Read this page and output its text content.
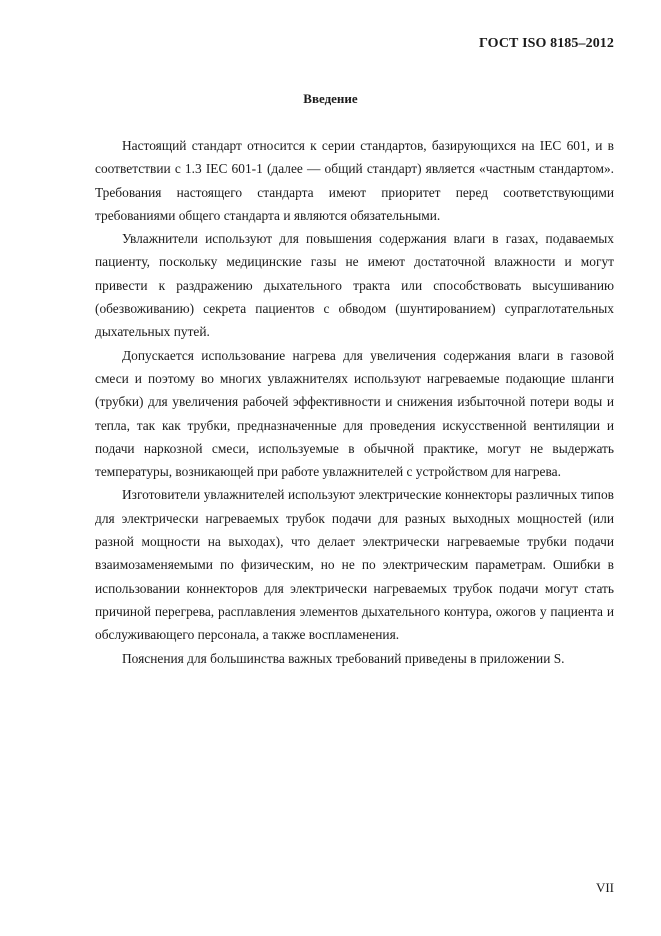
ГОСТ ISO 8185–2012
Введение

Настоящий стандарт относится к серии стандартов, базирующихся на IEC 601, и в соответствии с 1.3 IEC 601-1 (далее — общий стандарт) является «частным стандартом». Требования настоящего стандарта имеют приоритет перед соответствующими требованиями общего стандарта и являются обязательными.

Увлажнители используют для повышения содержания влаги в газах, подаваемых пациенту, поскольку медицинские газы не имеют достаточной влажности и могут привести к раздражению дыхательного тракта или способствовать высушиванию (обезвоживанию) секрета пациентов с обводом (шунтированием) супраглотательных дыхательных путей.

Допускается использование нагрева для увеличения содержания влаги в газовой смеси и поэтому во многих увлажнителях используют нагреваемые подающие шланги (трубки) для увеличения рабочей эффективности и снижения избыточной потери воды и тепла, так как трубки, предназначенные для проведения искусственной вентиляции и подачи наркозной смеси, используемые в обычной практике, могут не выдержать температуры, возникающей при работе увлажнителей с устройством для нагрева.

Изготовители увлажнителей используют электрические коннекторы различных типов для электрически нагреваемых трубок подачи для разных выходных мощностей (или разной мощности на выходах), что делает электрически нагреваемые трубки подачи взаимозаменяемыми по физическим, но не по электрическим параметрам. Ошибки в использовании коннекторов для электрически нагреваемых трубок подачи могут стать причиной перегрева, расплавления элементов дыхательного контура, ожогов у пациента и обслуживающего персонала, а также воспламенения.

Пояснения для большинства важных требований приведены в приложении S.

VII
